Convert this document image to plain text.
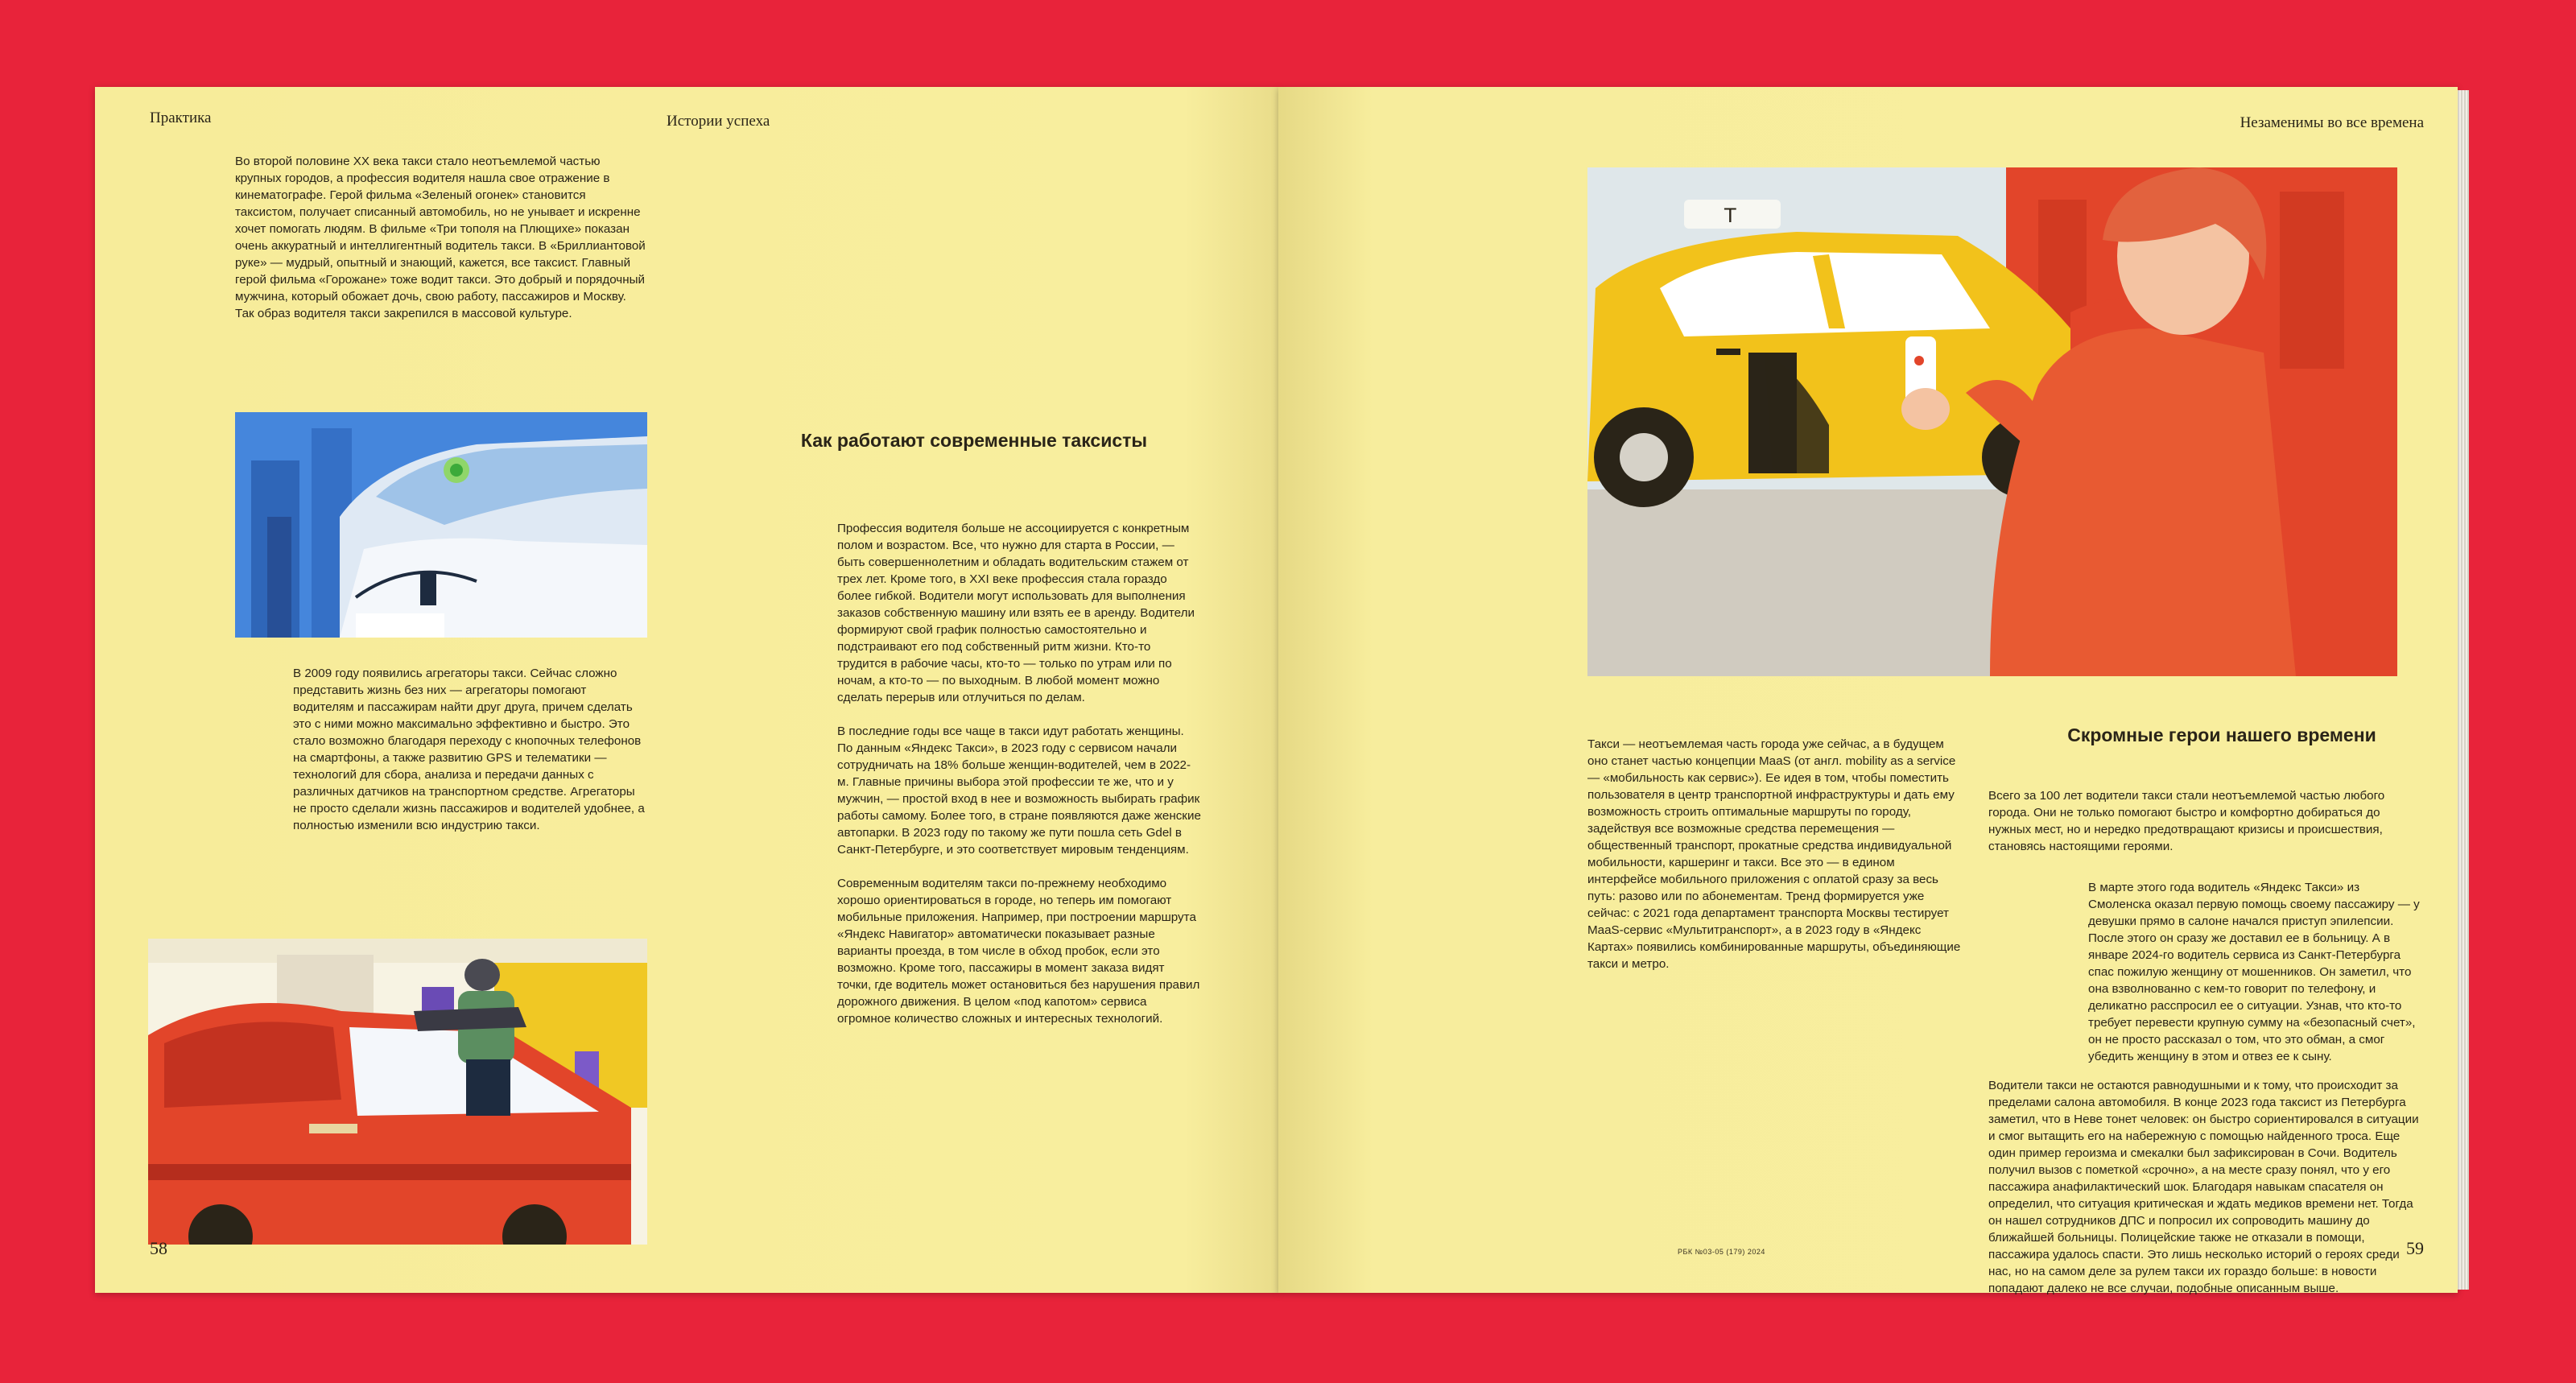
Практика	Истории успеха
Во второй половине XX века такси стало неотъемлемой частью крупных городов, а профессия водителя нашла свое отражение в кинематографе. Герой фильма «Зеленый огонек» становится таксистом, получает списанный автомобиль, но не унывает и искренне хочет помогать людям. В фильме «Три тополя на Плющихе» показан очень аккуратный и интеллигентный водитель такси. В «Бриллиантовой руке» — мудрый, опытный и знающий, кажется, все таксист. Главный герой фильма «Горожане» тоже водит такси. Это добрый и порядочный мужчина, который обожает дочь, свою работу, пассажиров и Москву. Так образ водителя такси закрепился в массовой культуре.
В 2009 году появились агрегаторы такси. Сейчас сложно представить жизнь без них — агрегаторы помогают водителям и пассажирам найти друг друга, причем сделать это с ними можно максимально эффективно и быстро. Это стало возможно благодаря переходу с кнопочных телефонов на смартфоны, а также развитию GPS и телематики — технологий для сбора, анализа и передачи данных с различных датчиков на транспортном средстве. Агрегаторы не просто сделали жизнь пассажиров и водителей удобнее, а полностью изменили всю индустрию такси.
Как работают современные таксисты

Профессия водителя больше не ассоциируется с конкретным полом и возрастом. Все, что нужно для старта в России, — быть совершеннолетним и обладать водительским стажем от трех лет. Кроме того, в XXI веке профессия стала гораздо более гибкой. Водители могут использовать для выполнения заказов собственную машину или взять ее в аренду. Водители формируют свой график полностью самостоятельно и подстраивают его под собственный ритм жизни. Кто-то трудится в рабочие часы, кто-то — только по утрам или по ночам, а кто-то — по выходным. В любой момент можно сделать перерыв или отлучиться по делам.

В последние годы все чаще в такси идут работать женщины. По данным «Яндекс Такси», в 2023 году с сервисом начали сотрудничать на 18% больше женщин-водителей, чем в 2022-м. Главные причины выбора этой профессии те же, что и у мужчин, — простой вход в нее и возможность выбирать график работы самому. Более того, в стране появляются даже женские автопарки. В 2023 году по такому же пути пошла сеть Gdel в Санкт-Петербурге, и это соответствует мировым тенденциям.

Современным водителям такси по-прежнему необходимо хорошо ориентироваться в городе, но теперь им помогают мобильные приложения. Например, при построении маршрута «Яндекс Навигатор» автоматически показывает разные варианты проезда, в том числе в обход пробок, если это возможно. Кроме того, пассажиры в момент заказа видят точки, где водитель может остановиться без нарушения правил дорожного движения. В целом «под капотом» сервиса огромное количество сложных и интересных технологий.

58
Незаменимы во все времена
Т
Такси — неотъемлемая часть города уже сейчас, а в будущем оно станет частью концепции MaaS (от англ. mobility as a service — «мобильность как сервис»). Ее идея в том, чтобы поместить пользователя в центр транспортной инфраструктуры и дать ему возможность строить оптимальные маршруты по городу, задействуя все возможные средства перемещения — общественный транспорт, прокатные средства индивидуальной мобильности, каршеринг и такси. Все это — в едином интерфейсе мобильного приложения с оплатой сразу за весь путь: разово или по абонементам. Тренд формируется уже сейчас: с 2021 года департамент транспорта Москвы тестирует MaaS-сервис «Мультитранспорт», а в 2023 году в «Яндекс Картах» появились комбинированные маршруты, объединяющие такси и метро.
Скромные герои нашего времени
Всего за 100 лет водители такси стали неотъемлемой частью любого города. Они не только помогают быстро и комфортно добираться до нужных мест, но и нередко предотвращают кризисы и происшествия, становясь настоящими героями.
В марте этого года водитель «Яндекс Такси» из Смоленска оказал первую помощь своему пассажиру — у девушки прямо в салоне начался приступ эпилепсии. После этого он сразу же доставил ее в больницу. А в январе 2024-го водитель сервиса из Санкт-Петербурга спас пожилую женщину от мошенников. Он заметил, что она взволнованно с кем-то говорит по телефону, и деликатно расспросил ее о ситуации. Узнав, что кто-то требует перевести крупную сумму на «безопасный счет», он не просто рассказал о том, что это обман, а смог убедить женщину в этом и отвез ее к сыну.
Водители такси не остаются равнодушными и к тому, что происходит за пределами салона автомобиля. В конце 2023 года таксист из Петербурга заметил, что в Неве тонет человек: он быстро сориентировался в ситуации и смог вытащить его на набережную с помощью найденного троса. Еще один пример героизма и смекалки был зафиксирован в Сочи. Водитель получил вызов с пометкой «срочно», а на месте сразу понял, что у его пассажира анафилактический шок. Благодаря навыкам спасателя он определил, что ситуация критическая и ждать медиков времени нет. Тогда он нашел сотрудников ДПС и попросил их сопроводить машину до ближайшей больницы. Полицейские также не отказали в помощи, пассажира удалось спасти. Это лишь несколько историй о героях среди нас, но на самом деле за рулем такси их гораздо больше: в новости попадают далеко не все случаи, подобные описанным выше.
РБК №03-05 (179) 2024	59
